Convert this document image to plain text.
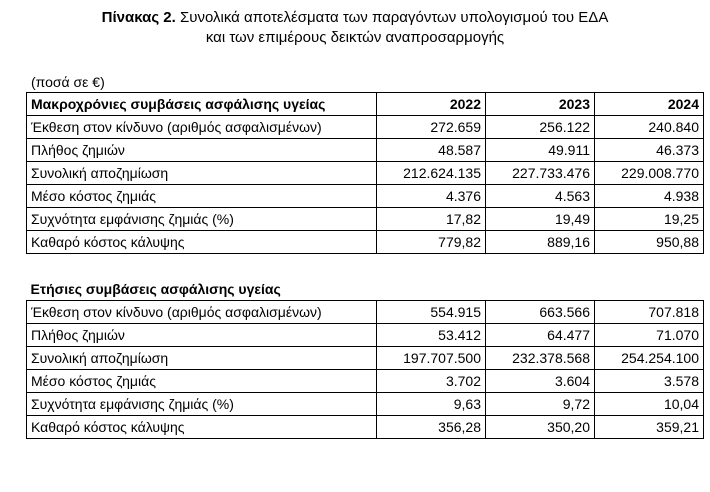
Πίνακας 2. Συνολικά αποτελέσματα των παραγόντων υπολογισμού του ΕΔΑ
και των επιμέρους δεικτών αναπροσαρμογής
(ποσά σε €)
Μακροχρόνιες συμβάσεις ασφάλισης υγείας	2022	2023	2024
Έκθεση στον κίνδυνο (αριθμός ασφαλισμένων)	272.659	256.122	240.840
Πλήθος ζημιών	48.587	49.911	46.373
Συνολική αποζημίωση	212.624.135	227.733.476	229.008.770
Μέσο κόστος ζημιάς	4.376	4.563	4.938
Συχνότητα εμφάνισης ζημιάς (%)	17,82	19,49	19,25
Καθαρό κόστος κάλυψης	779,82	889,16	950,88

Ετήσιες συμβάσεις ασφάλισης υγείας			
Έκθεση στον κίνδυνο (αριθμός ασφαλισμένων)	554.915	663.566	707.818
Πλήθος ζημιών	53.412	64.477	71.070
Συνολική αποζημίωση	197.707.500	232.378.568	254.254.100
Μέσο κόστος ζημιάς	3.702	3.604	3.578
Συχνότητα εμφάνισης ζημιάς (%)	9,63	9,72	10,04
Καθαρό κόστος κάλυψης	356,28	350,20	359,21
